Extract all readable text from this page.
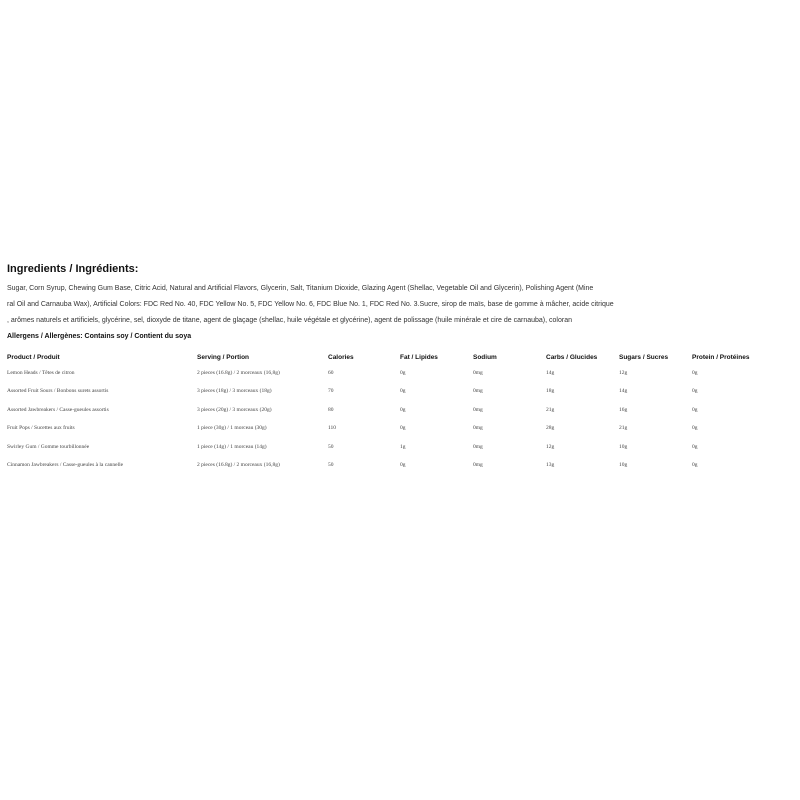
Ingredients / Ingrédients:
Sugar, Corn Syrup, Chewing Gum Base, Citric Acid, Natural and Artificial Flavors, Glycerin, Salt, Titanium Dioxide, Glazing Agent (Shellac, Vegetable Oil and Glycerin), Polishing Agent (Mine
ral Oil and Carnauba Wax), Artificial Colors: FDC Red No. 40, FDC Yellow No. 5, FDC Yellow No. 6, FDC Blue No. 1, FDC Red No. 3.Sucre, sirop de maïs, base de gomme à mâcher, acide citrique
, arômes naturels et artificiels, glycérine, sel, dioxyde de titane, agent de glaçage (shellac, huile végétale et glycérine), agent de polissage (huile minérale et cire de carnauba), coloran
Allergens / Allergènes: Contains soy / Contient du soya
Product / Produit	Serving / Portion	Calories	Fat / Lipides	Sodium	Carbs / Glucides	Sugars / Sucres	Protein / Protéines
Lemon Heads / Têtes de citron	2 pieces (16.8g) / 2 morceaux (16,8g)	60	0g	0mg	14g	12g	0g
Assorted Fruit Sours / Bonbons surets assortis	3 pieces (18g) / 3 morceaux (18g)	70	0g	0mg	18g	14g	0g
Assorted Jawbreakers / Casse-gueules assortis	3 pieces (20g) / 3 morceaux (20g)	80	0g	0mg	21g	16g	0g
Fruit Pops / Sucettes aux fruits	1 piece (30g) / 1 morceau (30g)	110	0g	0mg	28g	21g	0g
Swirley Gum / Gomme tourbillonnée	1 piece (14g) / 1 morceau (14g)	50	1g	0mg	12g	10g	0g
Cinnamon Jawbreakers / Casse-gueules à la cannelle	2 pieces (16.8g) / 2 morceaux (16,8g)	50	0g	0mg	13g	10g	0g
